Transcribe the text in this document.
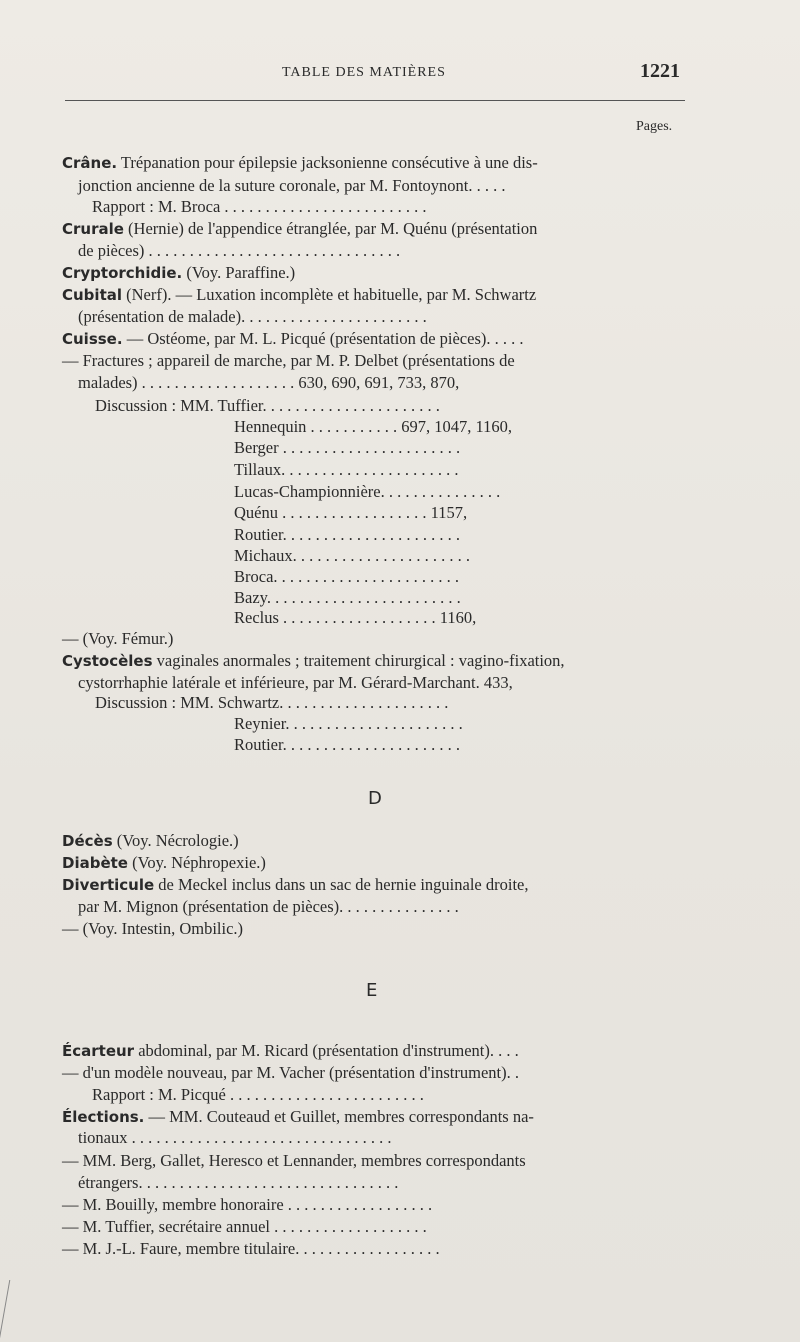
TABLE DES MATIÈRES	1221
Pages.
Crâne. Trépanation pour épilepsie jacksonienne consécutive à une dis-
jonction ancienne de la suture coronale, par M. Fontoynont. . . . .
Rapport : M. Broca . . . . . . . . . . . . . . . . . . . . . . . . .
Crurale (Hernie) de l'appendice étranglée, par M. Quénu (présentation
de pièces) . . . . . . . . . . . . . . . . . . . . . . . . . . . . . . .
Cryptorchidie. (Voy. Paraffine.)
Cubital (Nerf). — Luxation incomplète et habituelle, par M. Schwartz
(présentation de malade). . . . . . . . . . . . . . . . . . . . . . .
Cuisse. — Ostéome, par M. L. Picqué (présentation de pièces). . . . .
— Fractures ; appareil de marche, par M. P. Delbet (présentations de
malades) . . . . . . . . . . . . . . . . . . . 630, 690, 691, 733, 870,
Discussion : MM. Tuffier. . . . . . . . . . . . . . . . . . . . . .
Hennequin . . . . . . . . . . . 697, 1047, 1160,
Berger . . . . . . . . . . . . . . . . . . . . . .
Tillaux. . . . . . . . . . . . . . . . . . . . . .
Lucas-Championnière. . . . . . . . . . . . . . .
Quénu . . . . . . . . . . . . . . . . . . 1157,
Routier. . . . . . . . . . . . . . . . . . . . . .
Michaux. . . . . . . . . . . . . . . . . . . . . .
Broca. . . . . . . . . . . . . . . . . . . . . . .
Bazy. . . . . . . . . . . . . . . . . . . . . . . .
Reclus . . . . . . . . . . . . . . . . . . . 1160,
— (Voy. Fémur.)
Cystocèles vaginales anormales ; traitement chirurgical : vagino-fixation,
cystorrhaphie latérale et inférieure, par M. Gérard-Marchant. 433,
Discussion : MM. Schwartz. . . . . . . . . . . . . . . . . . . . .
Reynier. . . . . . . . . . . . . . . . . . . . . .
Routier. . . . . . . . . . . . . . . . . . . . . .
Décès (Voy. Nécrologie.)
Diabète (Voy. Néphropexie.)
Diverticule de Meckel inclus dans un sac de hernie inguinale droite,
par M. Mignon (présentation de pièces). . . . . . . . . . . . . . .
— (Voy. Intestin, Ombilic.)
Écarteur abdominal, par M. Ricard (présentation d'instrument). . . .
— d'un modèle nouveau, par M. Vacher (présentation d'instrument). .
Rapport : M. Picqué . . . . . . . . . . . . . . . . . . . . . . . .
Élections. — MM. Couteaud et Guillet, membres correspondants na-
tionaux . . . . . . . . . . . . . . . . . . . . . . . . . . . . . . . .
— MM. Berg, Gallet, Heresco et Lennander, membres correspondants
étrangers. . . . . . . . . . . . . . . . . . . . . . . . . . . . . . . .
— M. Bouilly, membre honoraire . . . . . . . . . . . . . . . . . .
— M. Tuffier, secrétaire annuel . . . . . . . . . . . . . . . . . . .
— M. J.-L. Faure, membre titulaire. . . . . . . . . . . . . . . . . .
D
E
